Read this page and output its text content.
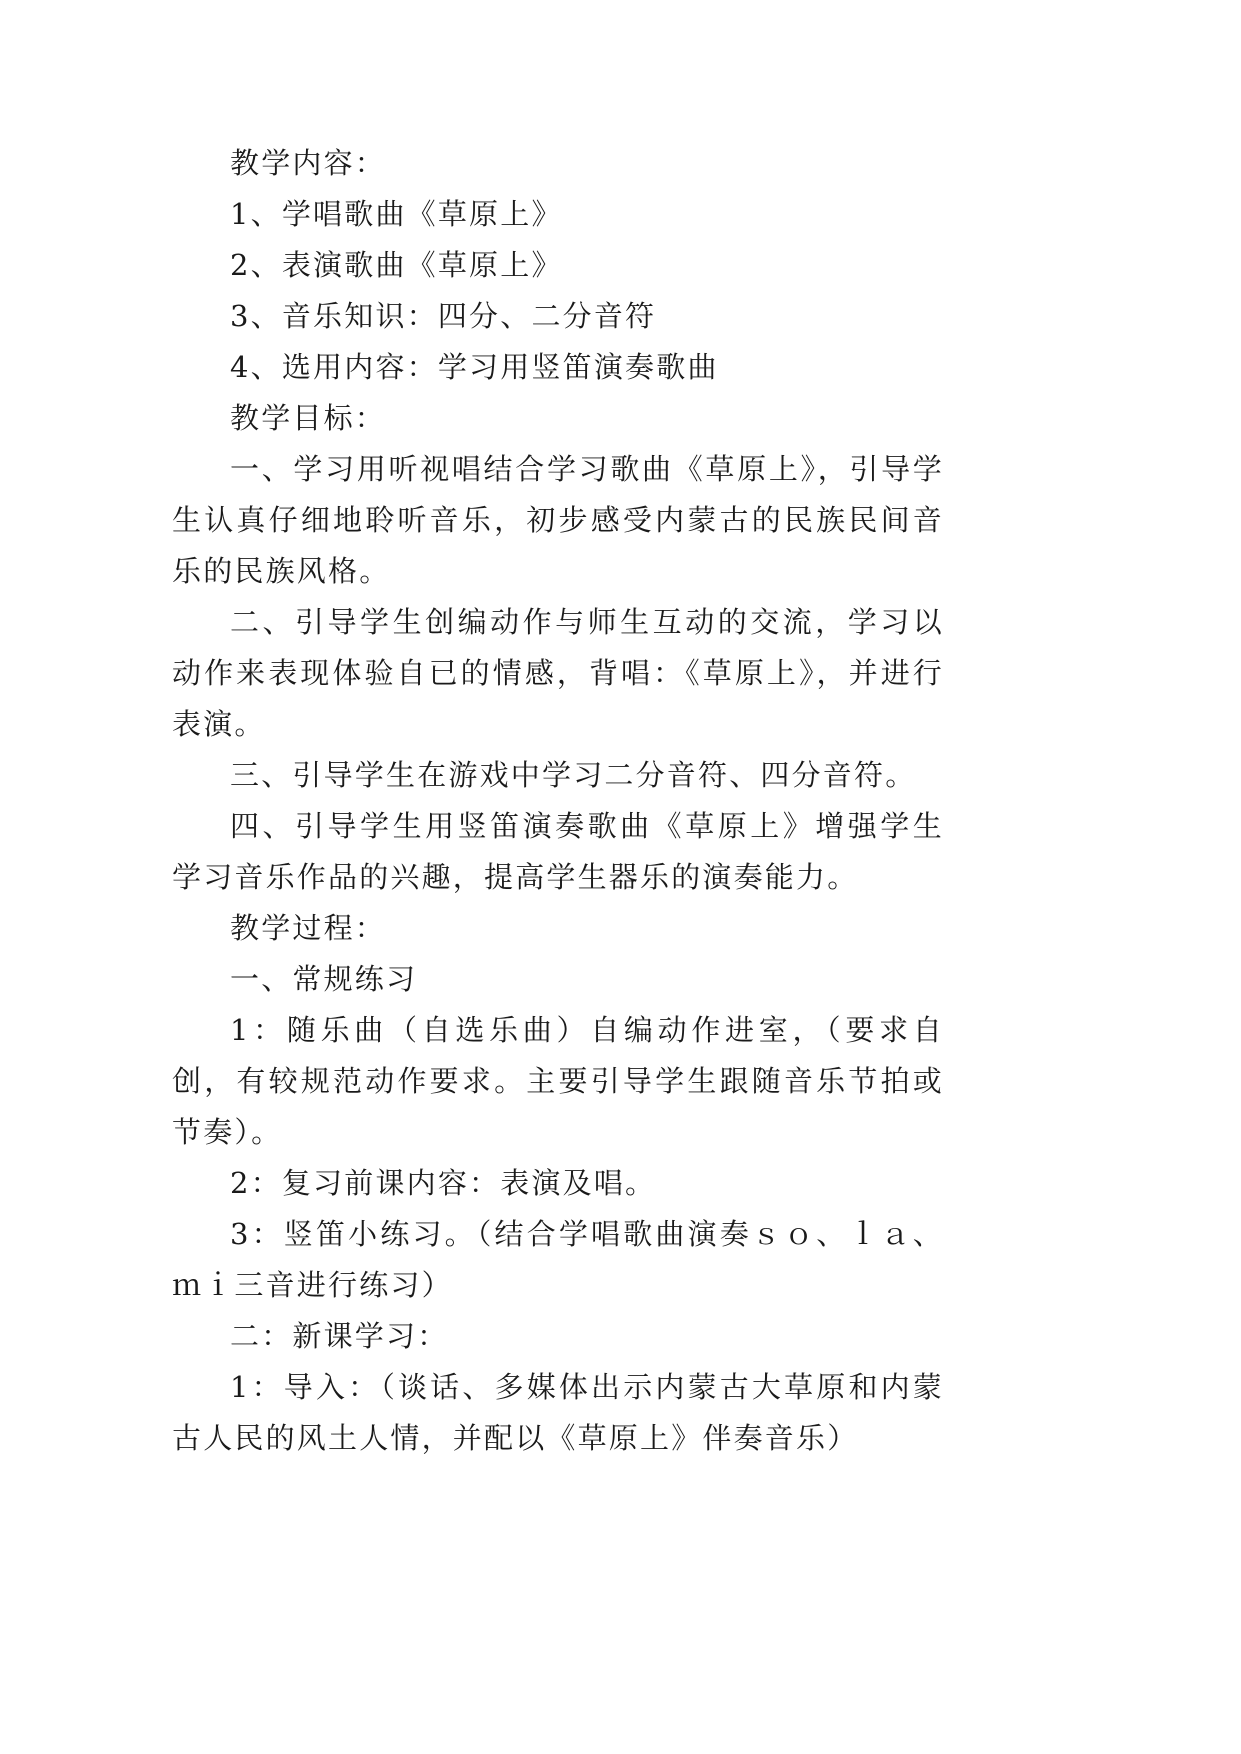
教学内容：

1、学唱歌曲《草原上》

2、表演歌曲《草原上》

3、音乐知识：四分、二分音符

4、选用内容：学习用竖笛演奏歌曲

教学目标：

一、学习用听视唱结合学习歌曲《草原上》，引导学生认真仔细地聆听音乐，初步感受内蒙古的民族民间音乐的民族风格。

二、引导学生创编动作与师生互动的交流，学习以动作来表现体验自已的情感，背唱：《草原上》，并进行表演。

三、引导学生在游戏中学习二分音符、四分音符。

四、引导学生用竖笛演奏歌曲《草原上》增强学生学习音乐作品的兴趣，提高学生器乐的演奏能力。

教学过程：

一、常规练习

1：随乐曲（自选乐曲）自编动作进室，（要求自创，有较规范动作要求。主要引导学生跟随音乐节拍或节奏）。

2：复习前课内容：表演及唱。

3：竖笛小练习。（结合学唱歌曲演奏ｓｏ、ｌａ、ｍｉ三音进行练习）

二：新课学习：

1：导入：（谈话、多媒体出示内蒙古大草原和内蒙古人民的风土人情，并配以《草原上》伴奏音乐）
